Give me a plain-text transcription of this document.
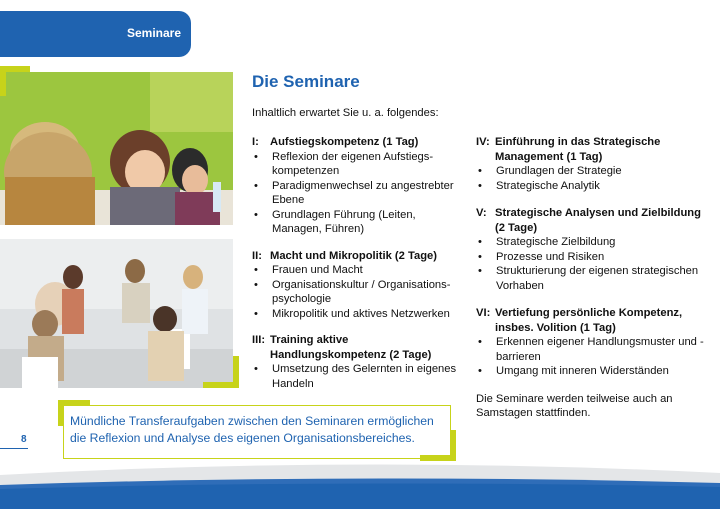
Seminare
Die Seminare

Inhaltlich erwartet Sie u. a. folgendes:

I: Aufstiegskompetenz (1 Tag)
• Reflexion der eigenen Aufstiegskompetenzen
• Paradigmenwechsel zu angestrebter Ebene
• Grundlagen Führung (Leiten, Managen, Führen)
II: Macht und Mikropolitik (2 Tage)
• Frauen und Macht
• Organisationskultur / Organisationspsychologie
• Mikropolitik und aktives Netzwerken
III: Training aktive Handlungskompetenz (2 Tage)
• Umsetzung des Gelernten in eigenes Handeln
IV: Einführung in das Strategische Management (1 Tag)
• Grundlagen der Strategie
• Strategische Analytik
V: Strategische Analysen und Zielbildung (2 Tage)
• Strategische Zielbildung
• Prozesse und Risiken
• Strukturierung der eigenen strategischen Vorhaben
VI: Vertiefung persönliche Kompetenz, insbes. Volition (1 Tag)
• Erkennen eigener Handlungsmuster und -barrieren
• Umgang mit inneren Widerständen

Die Seminare werden teilweise auch an Samstagen stattfinden.

Mündliche Transferaufgaben zwischen den Seminaren ermöglichen die Reflexion und Analyse des eigenen Organisationsbereiches.

8
